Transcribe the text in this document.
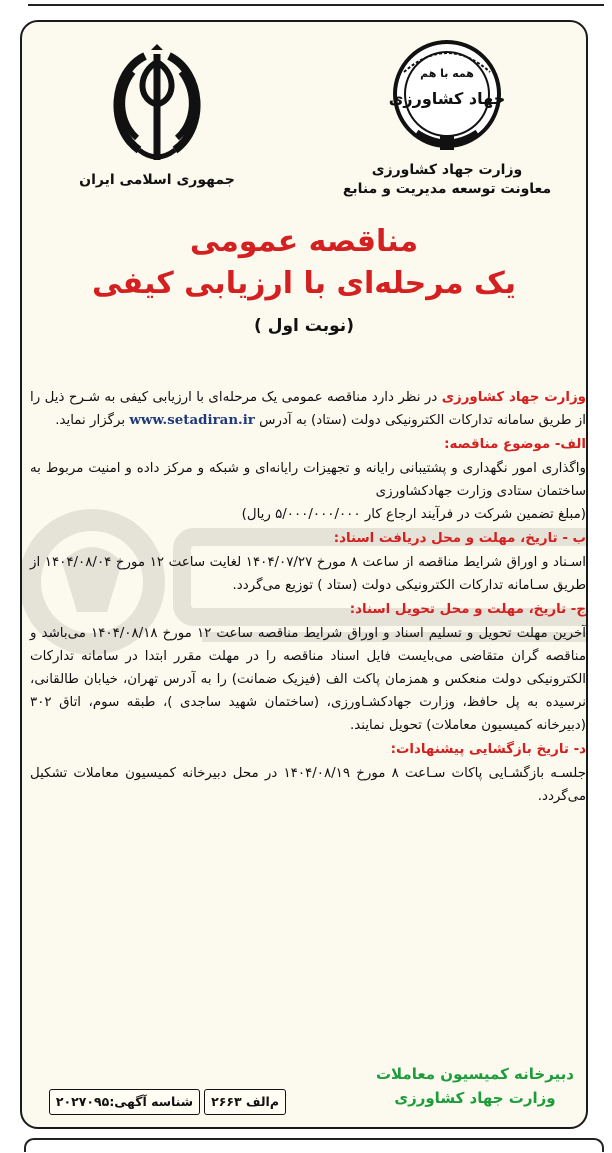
جمهوری اسلامی ایران
همه با هم
جهاد کشاورزی
وزارت جهاد کشاورزی
معاونت توسعه مدیریت و منابع
مناقصه عمومی
یک مرحله‌ای با ارزیابی کیفی
(نوبت اول )

وزارت جهاد کشاورزی در نظر دارد مناقصه عمومی یک مرحله‌ای با ارزیابی کیفی به شـرح ذیل را از طریق سامانه تدارکات الکترونیکی دولت (ستاد) به آدرس www.setadiran.ir برگزار نماید.

الف- موضوع مناقصه:

واگذاری امور نگهداری و پشتیبانی رایانه و تجهیزات رایانه‌ای و شبکه و مرکز داده و امنیت مربوط به ساختمان ستادی وزارت جهادکشاورزی

(مبلغ تضمین شرکت در فرآیند ارجاع کار ۵/۰۰۰/۰۰۰/۰۰۰ ریال)

ب - تاریخ، مهلت و محل دریافت اسناد:

اسـناد و اوراق شرایط مناقصه از ساعت ۸ مورخ ۱۴۰۴/۰۷/۲۷ لغایت ساعت ۱۲ مورخ ۱۴۰۴/۰۸/۰۴ از طریق سـامانه تدارکات الکترونیکی دولت (ستاد ) توزیع می‌گردد.

ج- تاریخ، مهلت و محل تحویل اسناد:

آخرین مهلت تحویل و تسلیم اسناد و اوراق شرایط مناقصه ساعت ۱۲ مورخ ۱۴۰۴/۰۸/۱۸ می‌باشد و مناقصه گران متقاضی می‌بایست فایل اسناد مناقصه را در مهلت مقرر ابتدا در سامانه تدارکات الکترونیکی دولت منعکس و همزمان پاکت الف (فیزیک ضمانت) را به آدرس تهران، خیابان طالقانی، نرسیده به پل حافظ، وزارت جهادکشـاورزی، (ساختمان شهید ساجدی )، طبقه سوم، اتاق ۳۰۲ (دبیرخانه کمیسیون معاملات) تحویل نمایند.

د- تاریخ بازگشایی پیشنهادات:

جلسـه بازگشـایی پاکات سـاعت ۸ مورخ ۱۴۰۴/۰۸/۱۹ در محل دبیرخانه کمیسیون معاملات تشکیل می‌گردد.

دبیرخانه کمیسیون معاملات
وزارت جهاد کشاورزی
م‌الف ۲۶۶۳
شناسه آگهی:۲۰۲۷۰۹۵
